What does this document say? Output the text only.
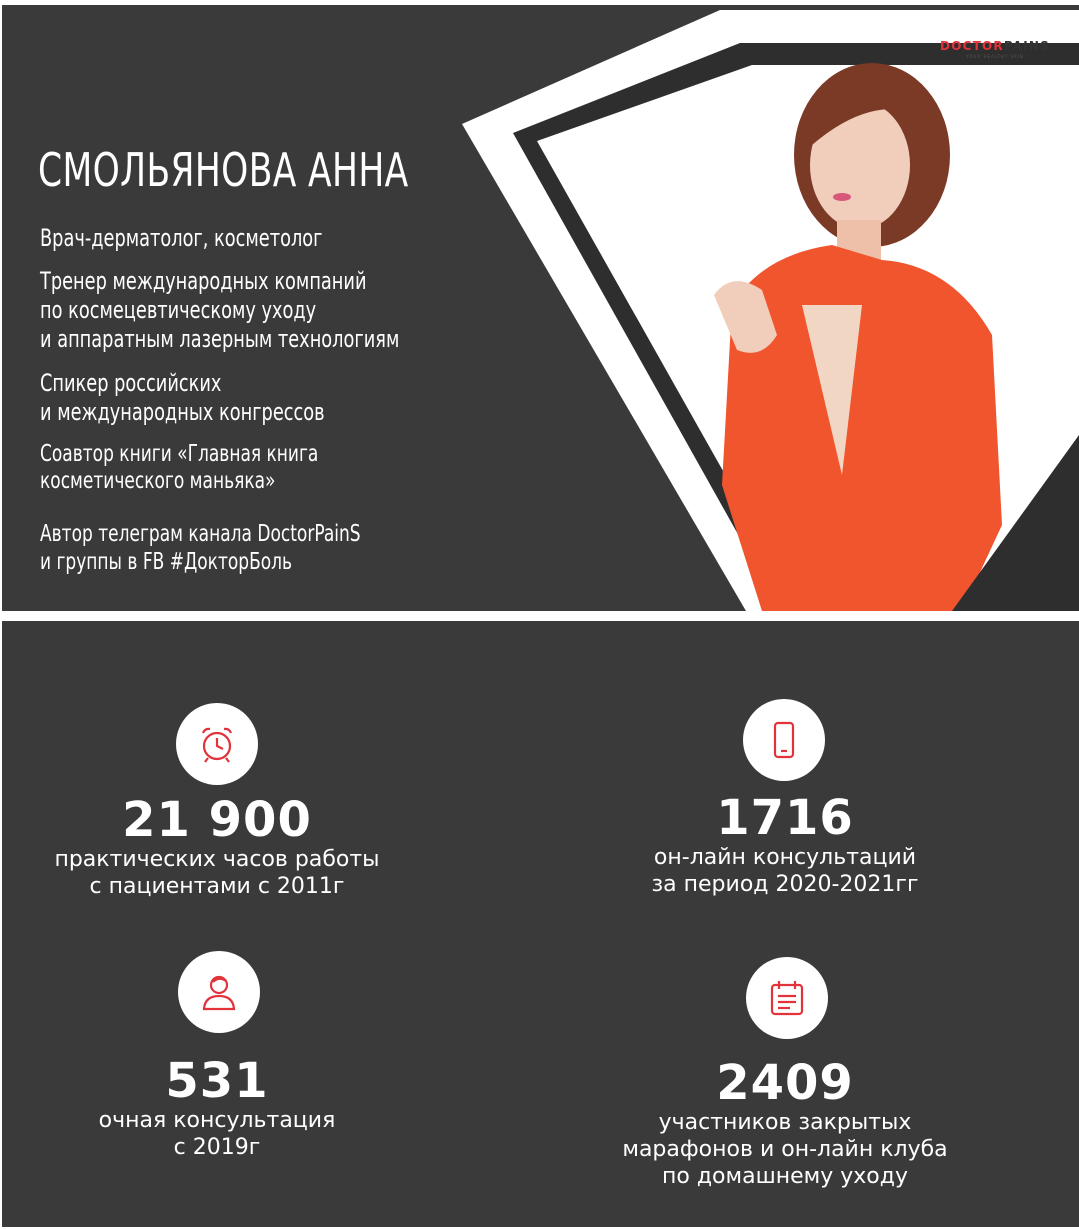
DOCTORPAINS
YOUR HEALTHY SKIN
СМОЛЬЯНОВА АННА

Врач-дерматолог, косметолог

Тренер международных компаний
по космецевтическому уходу
и аппаратным лазерным технологиям

Спикер российских
и международных конгрессов

Соавтор книги «Главная книга
косметического маньяка»

Автор телеграм канала DoctorPainS
и группы в FB #ДокторБоль

21 900
практических часов работы
с пациентами с 2011г
1716
он-лайн консультаций
за период 2020-2021гг
531
очная консультация
с 2019г
2409
участников закрытых
марафонов и он-лайн клуба
по домашнему уходу
